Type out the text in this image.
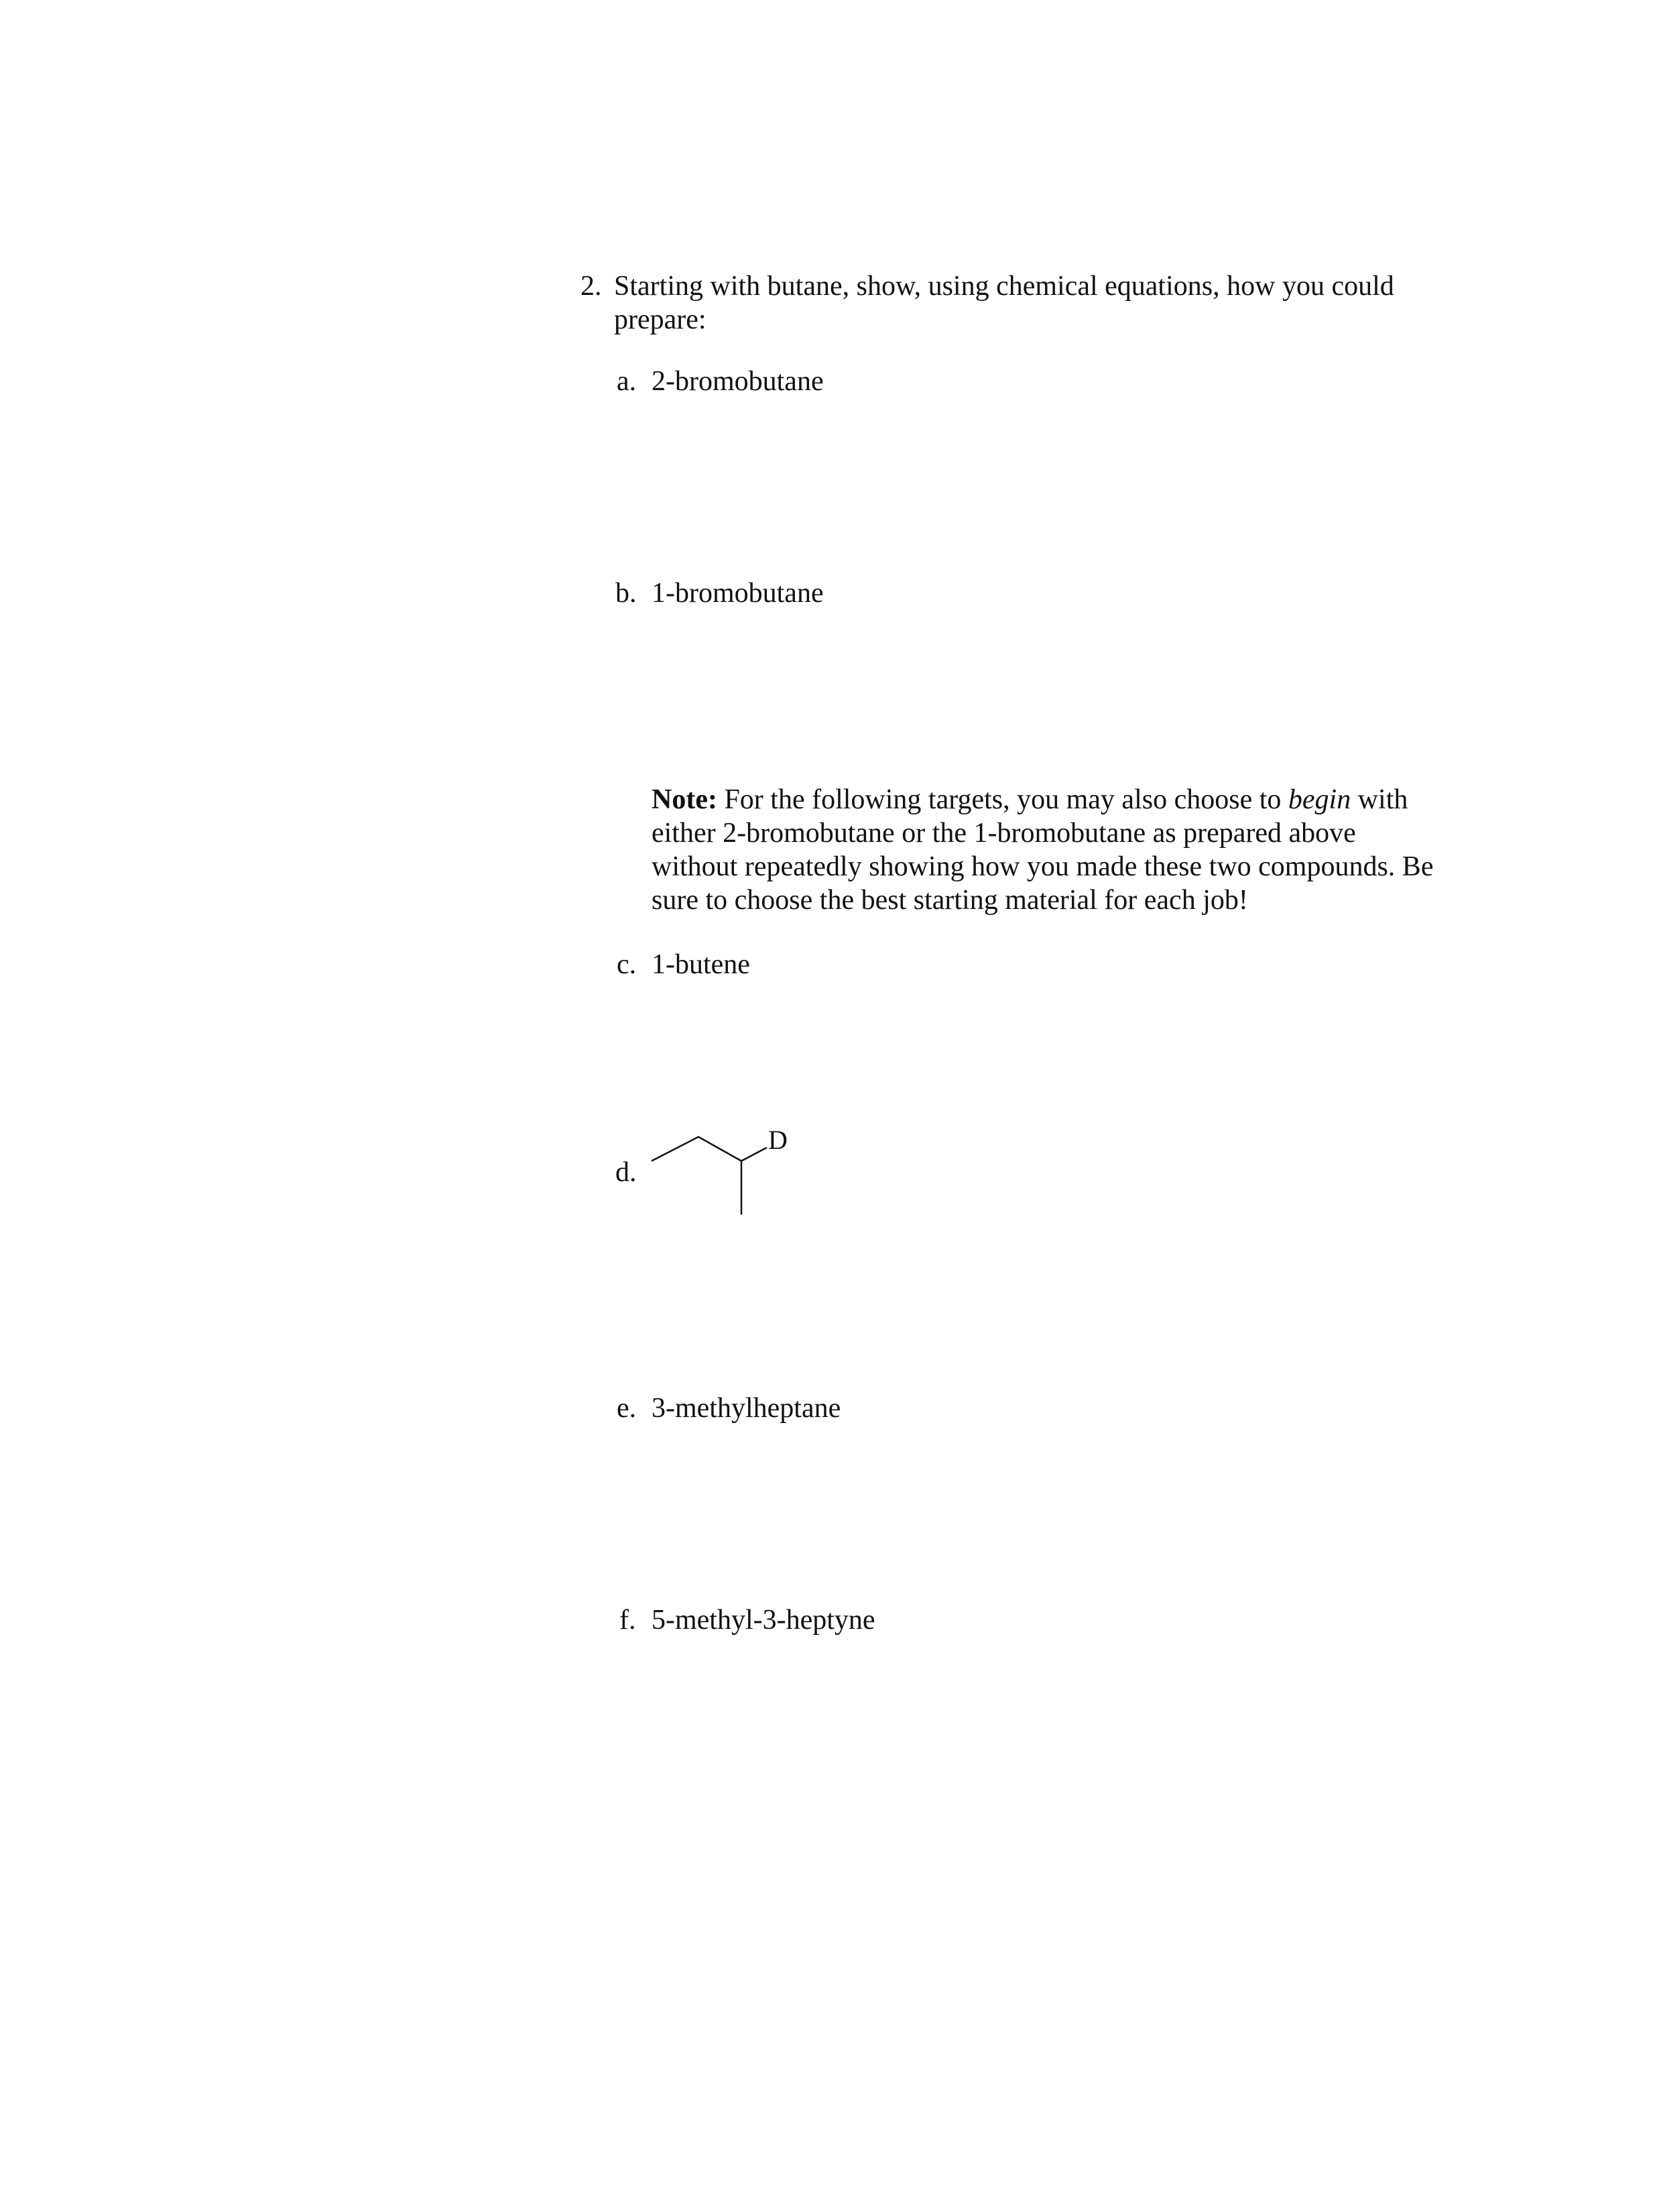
2. Starting with butane, show, using chemical equations, how you could
prepare:
a. 2-bromobutane
b. 1-bromobutane
Note: For the following targets, you may also choose to begin with
either 2-bromobutane or the 1-bromobutane as prepared above
without repeatedly showing how you made these two compounds. Be
sure to choose the best starting material for each job!
c. 1-butene
d.
D
e. 3-methylheptane
f. 5-methyl-3-heptyne
